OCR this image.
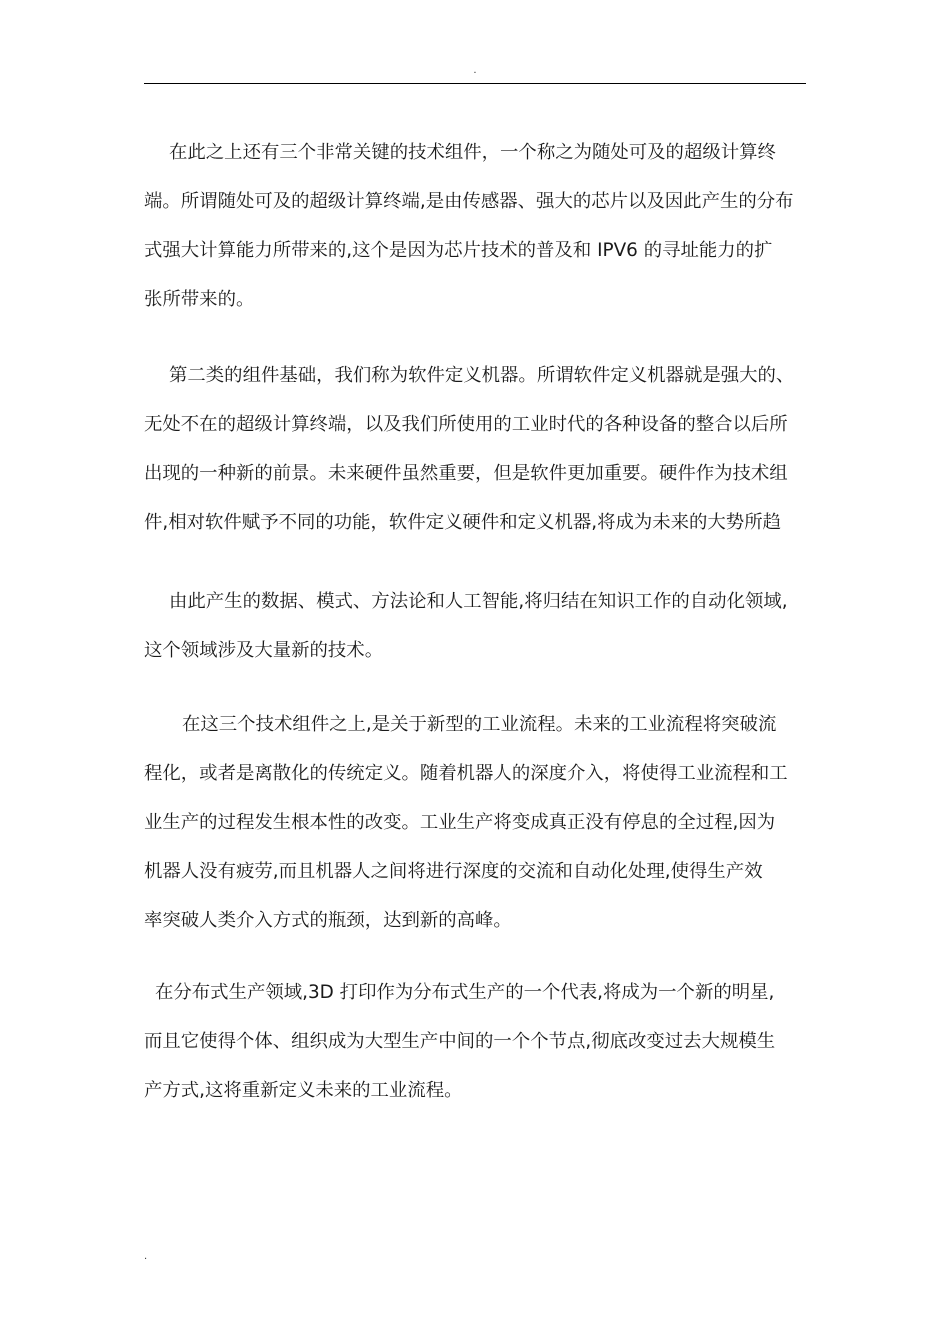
.

在此之上还有三个非常关键的技术组件，一个称之为随处可及的超级计算终
端。所谓随处可及的超级计算终端,是由传感器、强大的芯片以及因此产生的分布
式强大计算能力所带来的,这个是因为芯片技术的普及和 IPV6 的寻址能力的扩
张所带来的。

第二类的组件基础，我们称为软件定义机器。所谓软件定义机器就是强大的、
无处不在的超级计算终端，以及我们所使用的工业时代的各种设备的整合以后所
出现的一种新的前景。未来硬件虽然重要，但是软件更加重要。硬件作为技术组
件,相对软件赋予不同的功能，软件定义硬件和定义机器,将成为未来的大势所趋

由此产生的数据、模式、方法论和人工智能,将归结在知识工作的自动化领域,
这个领域涉及大量新的技术。

在这三个技术组件之上,是关于新型的工业流程。未来的工业流程将突破流
程化，或者是离散化的传统定义。随着机器人的深度介入，将使得工业流程和工
业生产的过程发生根本性的改变。工业生产将变成真正没有停息的全过程,因为
机器人没有疲劳,而且机器人之间将进行深度的交流和自动化处理,使得生产效
率突破人类介入方式的瓶颈，达到新的高峰。

在分布式生产领域,3D 打印作为分布式生产的一个代表,将成为一个新的明星,
而且它使得个体、组织成为大型生产中间的一个个节点,彻底改变过去大规模生
产方式,这将重新定义未来的工业流程。

.
